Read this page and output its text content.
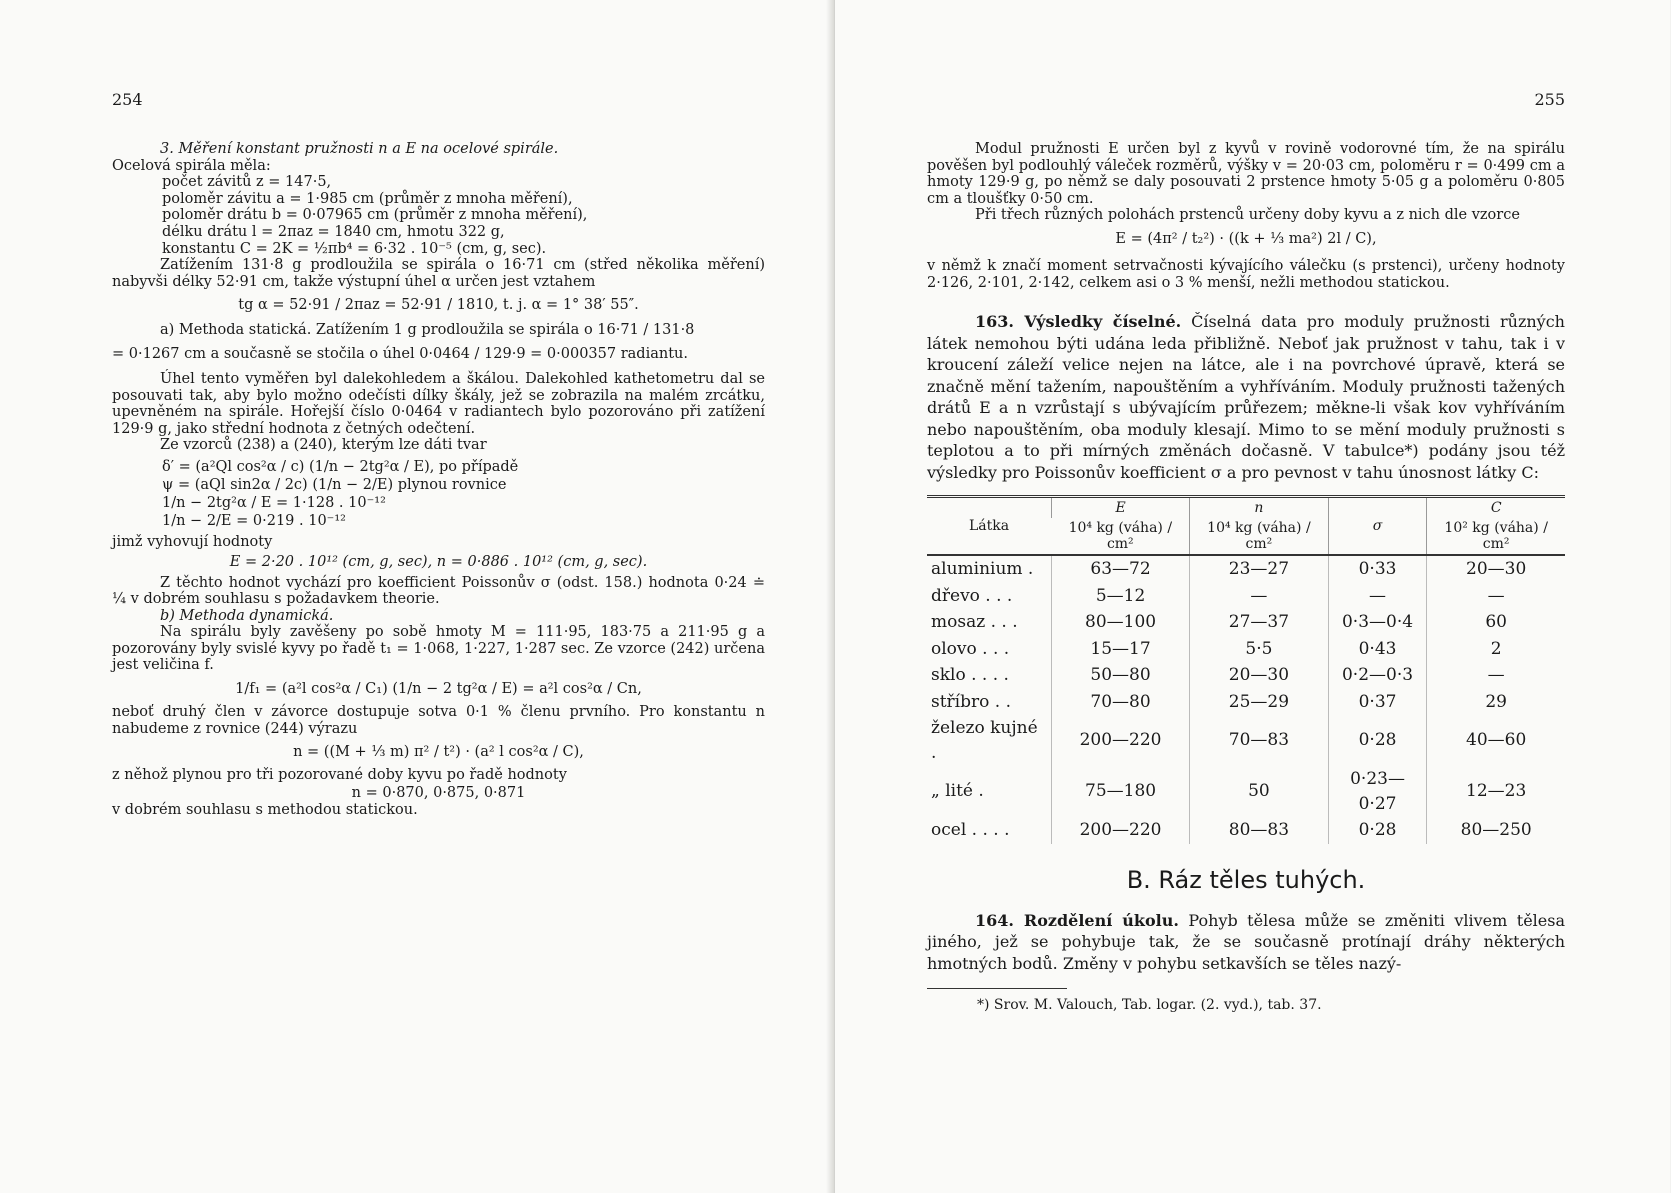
254

3. Měření konstant pružnosti n a E na ocelové spirále.

Ocelová spirála měla:

počet závitů z = 147·5,
poloměr závitu a = 1·985 cm (průměr z mnoha měření),
poloměr drátu b = 0·07965 cm (průměr z mnoha měření),
délku drátu l = 2πaz = 1840 cm, hmotu 322 g,
konstantu C = 2K = ½πb⁴ = 6·32 . 10⁻⁵ (cm, g, sec).

Zatížením 131·8 g prodloužila se spirála o 16·71 cm (střed několika měření) nabyvši délky 52·91 cm, takže výstupní úhel α určen jest vztahem

tg α = 52·91 / 2πaz = 52·91 / 1810, t. j. α = 1° 38′ 55″.

a) Methoda statická. Zatížením 1 g prodloužila se spirála o 16·71 / 131·8

= 0·1267 cm a současně se stočila o úhel 0·0464 / 129·9 = 0·000357 radiantu.

Úhel tento vyměřen byl dalekohledem a škálou. Dalekohled kathetometru dal se posouvati tak, aby bylo možno odečísti dílky škály, jež se zobrazila na malém zrcátku, upevněném na spirále. Hořejší číslo 0·0464 v radiantech bylo pozorováno při zatížení 129·9 g, jako střední hodnota z četných odečtení.

Ze vzorců (238) a (240), kterým lze dáti tvar

δ′ = (a²Ql cos²α / c) (1/n − 2tg²α / E), po případě
ψ = (aQl sin2α / 2c) (1/n − 2/E) plynou rovnice
1/n − 2tg²α / E = 1·128 . 10⁻¹²
1/n − 2/E = 0·219 . 10⁻¹²

jimž vyhovují hodnoty

E = 2·20 . 10¹² (cm, g, sec), n = 0·886 . 10¹² (cm, g, sec).

Z těchto hodnot vychází pro koefficient Poissonův σ (odst. 158.) hodnota 0·24 ≐ ¼ v dobrém souhlasu s požadavkem theorie.

b) Methoda dynamická.

Na spirálu byly zavěšeny po sobě hmoty M = 111·95, 183·75 a 211·95 g a pozorovány byly svislé kyvy po řadě t₁ = 1·068, 1·227, 1·287 sec. Ze vzorce (242) určena jest veličina f.

1/f₁ = (a²l cos²α / C₁) (1/n − 2 tg²α / E) = a²l cos²α / Cn,

neboť druhý člen v závorce dostupuje sotva 0·1 % členu prvního. Pro konstantu n nabudeme z rovnice (244) výrazu

n = ((M + ⅓ m) π² / t²) · (a² l cos²α / C),

z něhož plynou pro tři pozorované doby kyvu po řadě hodnoty

n = 0·870, 0·875, 0·871

v dobrém souhlasu s methodou statickou.

255

Modul pružnosti E určen byl z kyvů v rovině vodorovné tím, že na spirálu pověšen byl podlouhlý váleček rozměrů, výšky v = 20·03 cm, poloměru r = 0·499 cm a hmoty 129·9 g, po němž se daly posouvati 2 prstence hmoty 5·05 g a poloměru 0·805 cm a tloušťky 0·50 cm.

Při třech různých polohách prstenců určeny doby kyvu a z nich dle vzorce

E = (4π² / t₂²) · ((k + ⅓ ma²) 2l / C),

v němž k značí moment setrvačnosti kývajícího válečku (s prstenci), určeny hodnoty 2·126, 2·101, 2·142, celkem asi o 3 % menší, nežli methodou statickou.

163. Výsledky číselné. Číselná data pro moduly pružnosti různých látek nemohou býti udána leda přibližně. Neboť jak pružnost v tahu, tak i v kroucení záleží velice nejen na látce, ale i na povrchové úpravě, která se značně mění tažením, napouštěním a vyhříváním. Moduly pružnosti tažených drátů E a n vzrůstají s ubývajícím průřezem; měkne-li však kov vyhříváním nebo napouštěním, oba moduly klesají. Mimo to se mění moduly pružnosti s teplotou a to při mírných změnách dočasně. V tabulce*) podány jsou též výsledky pro Poissonův koefficient σ a pro pevnost v tahu únosnost látky C:

Látka	E	n	σ	C
	10⁴ kg (váha) / cm²	10⁴ kg (váha) / cm²		10² kg (váha) / cm²
aluminium .	63—72	23—27	0·33	20—30
dřevo . . .	5—12	—	—	—
mosaz . . .	80—100	27—37	0·3—0·4	60
olovo . . .	15—17	5·5	0·43	2
sklo . . . .	50—80	20—30	0·2—0·3	—
stříbro . .	70—80	25—29	0·37	29
železo kujné .	200—220	70—83	0·28	40—60
„ lité .	75—180	50	0·23—0·27	12—23
ocel . . . .	200—220	80—83	0·28	80—250
B. Ráz těles tuhých.

164. Rozdělení úkolu. Pohyb tělesa může se změniti vlivem tělesa jiného, jež se pohybuje tak, že se současně protínají dráhy některých hmotných bodů. Změny v pohybu setkavších se těles nazý-

*) Srov. M. Valouch, Tab. logar. (2. vyd.), tab. 37.
